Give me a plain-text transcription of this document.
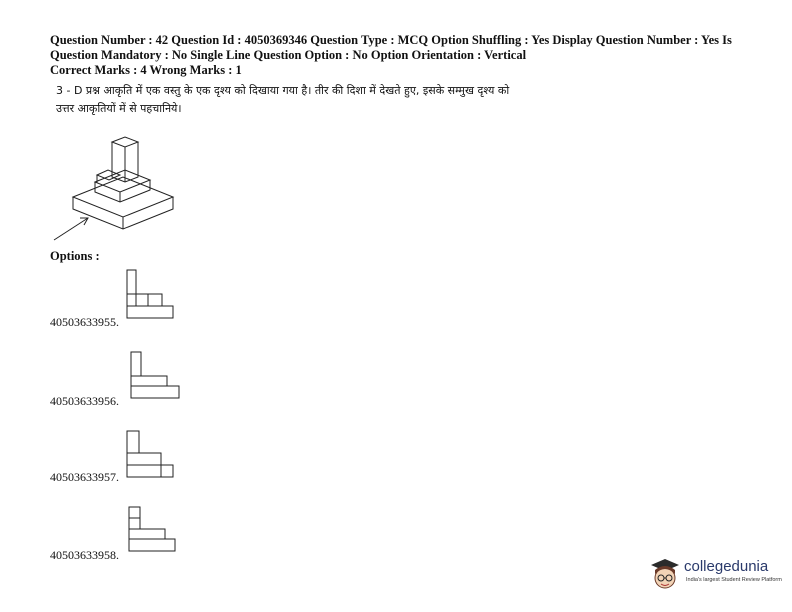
Question Number : 42 Question Id : 4050369346 Question Type : MCQ Option Shuffling : Yes Display Question Number : Yes Is
Question Mandatory : No Single Line Question Option : No Option Orientation : Vertical
Correct Marks : 4 Wrong Marks : 1
3 - D प्रश्न आकृति में एक वस्तु के एक दृश्य को दिखाया गया है। तीर की दिशा में देखते हुए, इसके सम्मुख दृश्य को
उत्तर आकृतियों में से पहचानिये।
Options :
40503633955.
40503633956.
40503633957.
40503633958.
collegedunia
India's largest Student Review Platform
